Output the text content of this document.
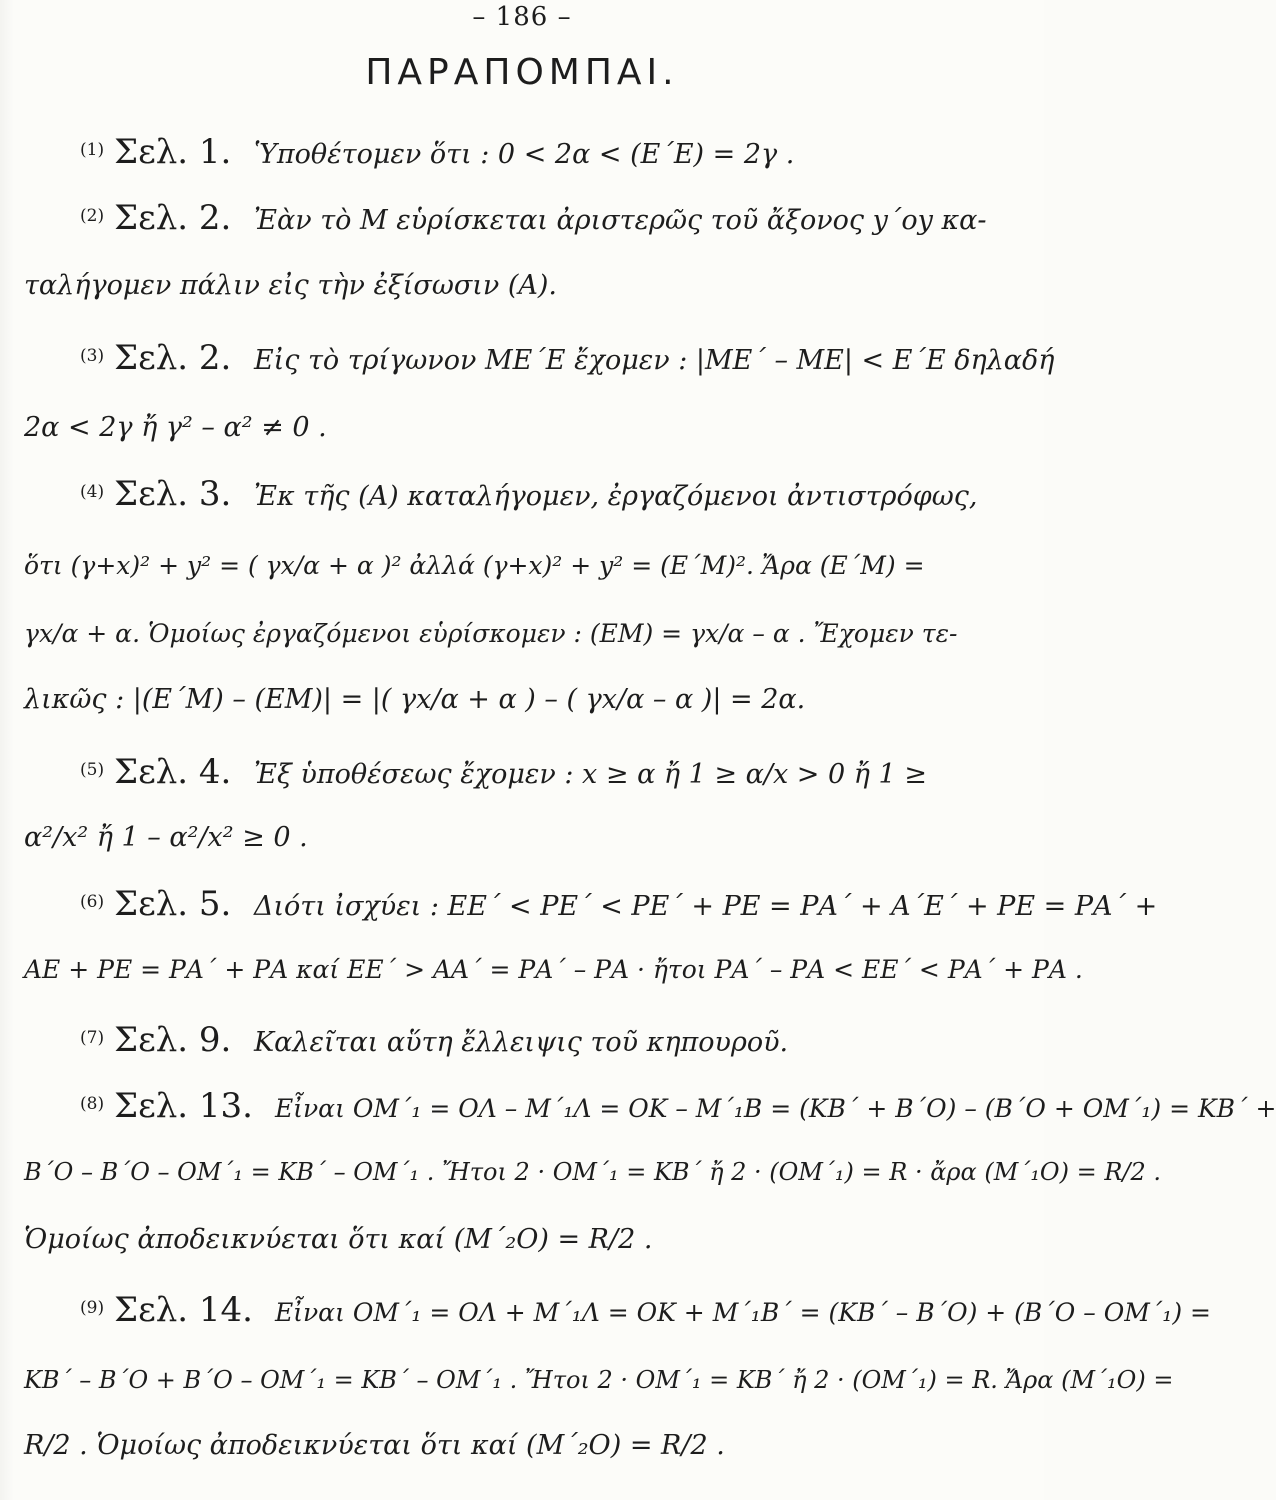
– 186 –
ΠΑΡΑΠΟΜΠΑΙ.
$^{(1)}$ Σελ. 1. Ὑποθέτομεν ὅτι : 0 < 2α < (Ε΄Ε) = 2γ .
$^{(2)}$ Σελ. 2. Ἐὰν τὸ Μ εὑρίσκεται ἀριστερῶς τοῦ ἄξονος y΄oy κα-
ταλήγομεν πάλιν εἰς τὴν ἐξίσωσιν (Α).
$^{(3)}$ Σελ. 2. Εἰς τὸ τρίγωνον ΜΕ΄Ε ἔχομεν : |ΜΕ΄ – ΜΕ| < Ε΄Ε δηλαδή
2α < 2γ ἤ γ² – α² ≠ 0 .
$^{(4)}$ Σελ. 3. Ἐκ τῆς (Α) καταλήγομεν, ἐργαζόμενοι ἀντιστρόφως,
ὅτι (γ+x)² + y² = ( γx/α + α )² ἀλλά (γ+x)² + y² = (Ε΄Μ)². Ἄρα (Ε΄Μ) =
γx/α + α. Ὁμοίως ἐργαζόμενοι εὑρίσκομεν : (ΕΜ) = γx/α – α . Ἔχομεν τε-
λικῶς : |(Ε΄Μ) – (ΕΜ)| = |( γx/α + α ) – ( γx/α – α )| = 2α.
$^{(5)}$ Σελ. 4. Ἐξ ὑποθέσεως ἔχομεν : x ≥ α ἤ 1 ≥ α/x > 0 ἤ 1 ≥
α²/x² ἤ 1 – α²/x² ≥ 0 .
$^{(6)}$ Σελ. 5. Διότι ἰσχύει : ΕΕ΄ < ΡΕ΄ < ΡΕ΄ + ΡΕ = ΡΑ΄ + Α΄Ε΄ + ΡΕ = ΡΑ΄ +
ΑΕ + ΡΕ = ΡΑ΄ + ΡΑ καί ΕΕ΄ > ΑΑ΄ = ΡΑ΄ – ΡΑ · ἤτοι ΡΑ΄ – ΡΑ < ΕΕ΄ < ΡΑ΄ + ΡΑ .
$^{(7)}$ Σελ. 9. Καλεῖται αὕτη ἔλλειψις τοῦ κηπουροῦ.
$^{(8)}$ Σελ. 13. Εἶναι ΟΜ΄₁ = ΟΛ – Μ΄₁Λ = ΟΚ – Μ΄₁Β = (ΚΒ΄ + Β΄Ο) – (Β΄Ο + ΟΜ΄₁) = ΚΒ΄ +
Β΄Ο – Β΄Ο – ΟΜ΄₁ = ΚΒ΄ – ΟΜ΄₁ . Ἤτοι 2 · ΟΜ΄₁ = ΚΒ΄ ἤ 2 · (ΟΜ΄₁) = R · ἄρα (Μ΄₁Ο) = R/2 .
Ὁμοίως ἀποδεικνύεται ὅτι καί (Μ΄₂Ο) = R/2 .
$^{(9)}$ Σελ. 14. Εἶναι ΟΜ΄₁ = ΟΛ + Μ΄₁Λ = ΟΚ + Μ΄₁Β΄ = (ΚΒ΄ – Β΄Ο) + (Β΄Ο – ΟΜ΄₁) =
ΚΒ΄ – Β΄Ο + Β΄Ο – ΟΜ΄₁ = ΚΒ΄ – ΟΜ΄₁ . Ἤτοι 2 · ΟΜ΄₁ = ΚΒ΄ ἤ 2 · (ΟΜ΄₁) = R. Ἄρα (Μ΄₁Ο) =
R/2 . Ὁμοίως ἀποδεικνύεται ὅτι καί (Μ΄₂Ο) = R/2 .
